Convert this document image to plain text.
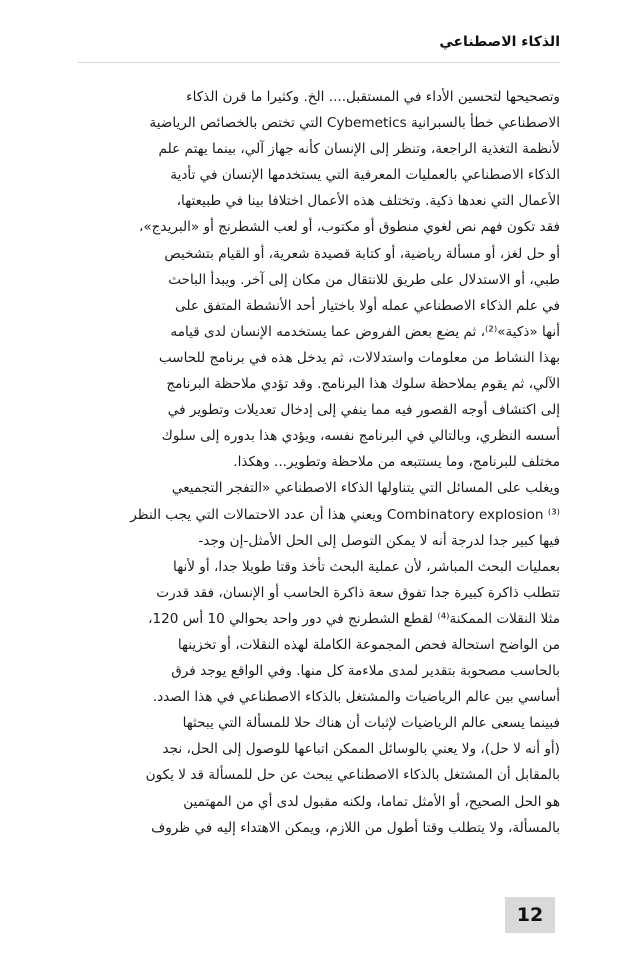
الذكاء الاصطناعي
وتصحيحها لتحسين الأداء في المستقبل.... الخ. وكثيرا ما قرن الذكاء
الاصطناعي خطأ بالسبرانية Cybemetics التي تختص بالخصائص الرياضية
لأنظمة التغذية الراجعة، وتنظر إلى الإنسان كأنه جهاز آلي، بينما يهتم علم
الذكاء الاصطناعي بالعمليات المعرفية التي يستخدمها الإنسان في تأدية
الأعمال التي نعدها ذكية. وتختلف هذه الأعمال اختلافا بينا في طبيعتها،
فقد تكون فهم نص لغوي منطوق أو مكتوب، أو لعب الشطرنج أو «البريدج»،
أو حل لغز، أو مسألة رياضية، أو كتابة قصيدة شعرية، أو القيام بتشخيص
طبي، أو الاستدلال على طريق للانتقال من مكان إلى آخر. ويبدأ الباحث
في علم الذكاء الاصطناعي عمله أولا باختيار أحد الأنشطة المتفق على
أنها «ذكية»⁽²⁾، ثم يضع بعض الفروض عما يستخدمه الإنسان لدى قيامه
بهذا النشاط من معلومات واستدلالات، ثم يدخل هذه في برنامج للحاسب
الآلي، ثم يقوم بملاحظة سلوك هذا البرنامج. وقد تؤدي ملاحظة البرنامج
إلى اكتشاف أوجه القصور فيه مما ينفي إلى إدخال تعديلات وتطوير في
أسسه النظري، وبالتالي في البرنامج نفسه، ويؤدي هذا بدوره إلى سلوك
مختلف للبرنامج، وما يستتبعه من ملاحظة وتطوير... وهكذا.
ويغلب على المسائل التي يتناولها الذكاء الاصطناعي «التفجر التجميعي
Combinatory explosion ⁽³⁾ ويعني هذا أن عدد الاحتمالات التي يجب النظر
فيها كبير جدا لدرجة أنه لا يمكن التوصل إلى الحل الأمثل-إن وجد-
بعمليات البحث المباشر، لأن عملية البحث تأخذ وقتا طويلا جدا، أو لأنها
تتطلب ذاكرة كبيرة جدا تفوق سعة ذاكرة الحاسب أو الإنسان، فقد قدرت
مثلا النقلات الممكنة⁽⁴⁾ لقطع الشطرنج في دور واحد بحوالي 10 أس 120،
من الواضح استحالة فحص المجموعة الكاملة لهذه النقلات، أو تخزينها
بالحاسب مصحوبة بتقدير لمدى ملاءمة كل منها. وفي الواقع يوجد فرق
أساسي بين عالم الرياضيات والمشتغل بالذكاء الاصطناعي في هذا الصدد.
فبينما يسعى عالم الرياضيات لإثبات أن هناك حلا للمسألة التي يبحثها
(أو أنه لا حل)، ولا يعني بالوسائل الممكن اتباعها للوصول إلى الحل، نجد
بالمقابل أن المشتغل بالذكاء الاصطناعي يبحث عن حل للمسألة قد لا يكون
هو الحل الصحيح، أو الأمثل تماما، ولكنه مقبول لدى أي من المهتمين
بالمسألة، ولا يتطلب وقتا أطول من اللازم، ويمكن الاهتداء إليه في ظروف
12
